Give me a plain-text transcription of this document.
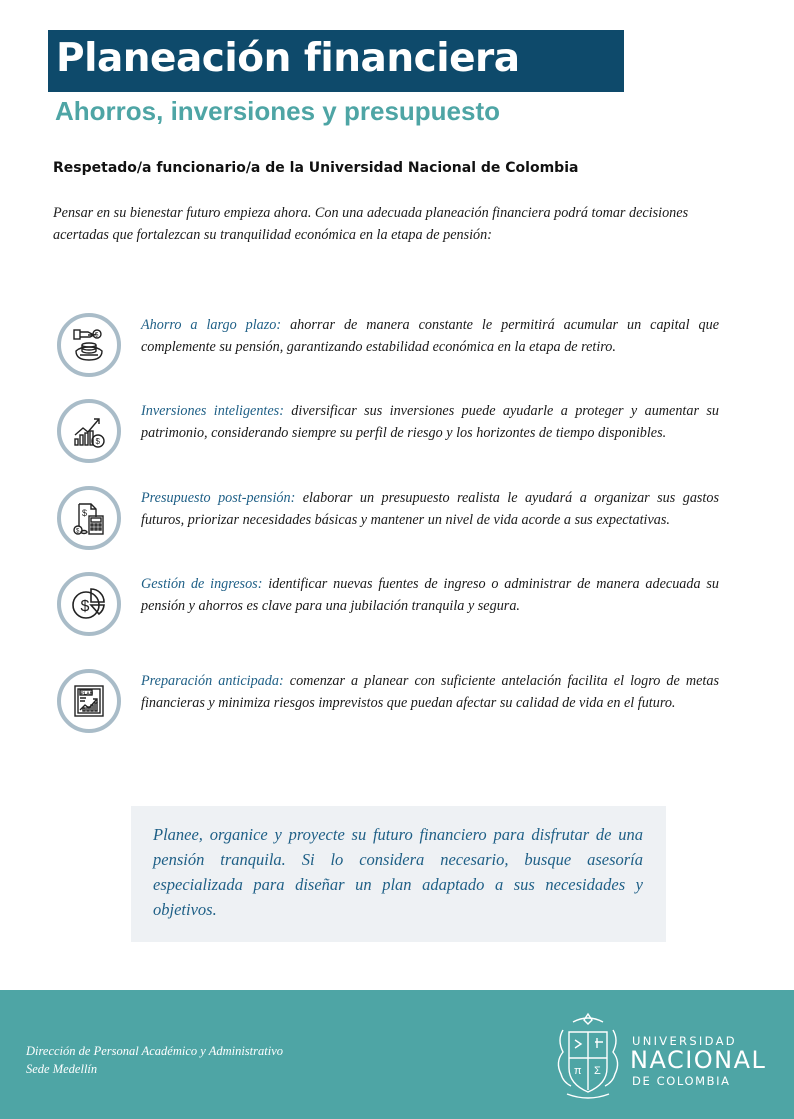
Planeación financiera
Ahorros, inversiones y presupuesto

Respetado/a funcionario/a de la Universidad Nacional de Colombia

Pensar en su bienestar futuro empieza ahora. Con una adecuada planeación financiera podrá tomar decisiones acertadas que fortalezcan su tranquilidad económica en la etapa de pensión:

$

Ahorro a largo plazo: ahorrar de manera constante le permitirá acumular un capital que complemente su pensión, garantizando estabilidad económica en la etapa de retiro.

$

Inversiones inteligentes: diversificar sus inversiones puede ayudarle a proteger y aumentar su patrimonio, considerando siempre su perfil de riesgo y los horizontes de tiempo disponibles.

$
$

Presupuesto post-pensión: elaborar un presupuesto realista le ayudará a organizar sus gastos futuros, priorizar necesidades básicas y mantener un nivel de vida acorde a sus expectativas.

$

Gestión de ingresos: identificar nuevas fuentes de ingreso o administrar de manera adecuada su pensión y ahorros es clave para una jubilación tranquila y segura.

PLAN

Preparación anticipada: comenzar a planear con suficiente antelación facilita el logro de metas financieras y minimiza riesgos imprevistos que puedan afectar su calidad de vida en el futuro.

Planee, organice y proyecte su futuro financiero para disfrutar de una pensión tranquila. Si lo considera necesario, busque asesoría especializada para diseñar un plan adaptado a sus necesidades y objetivos.

Dirección de Personal Académico y Administrativo

Sede Medellín	π Σ

UNIVERSIDAD

NACIONAL

DE COLOMBIA
